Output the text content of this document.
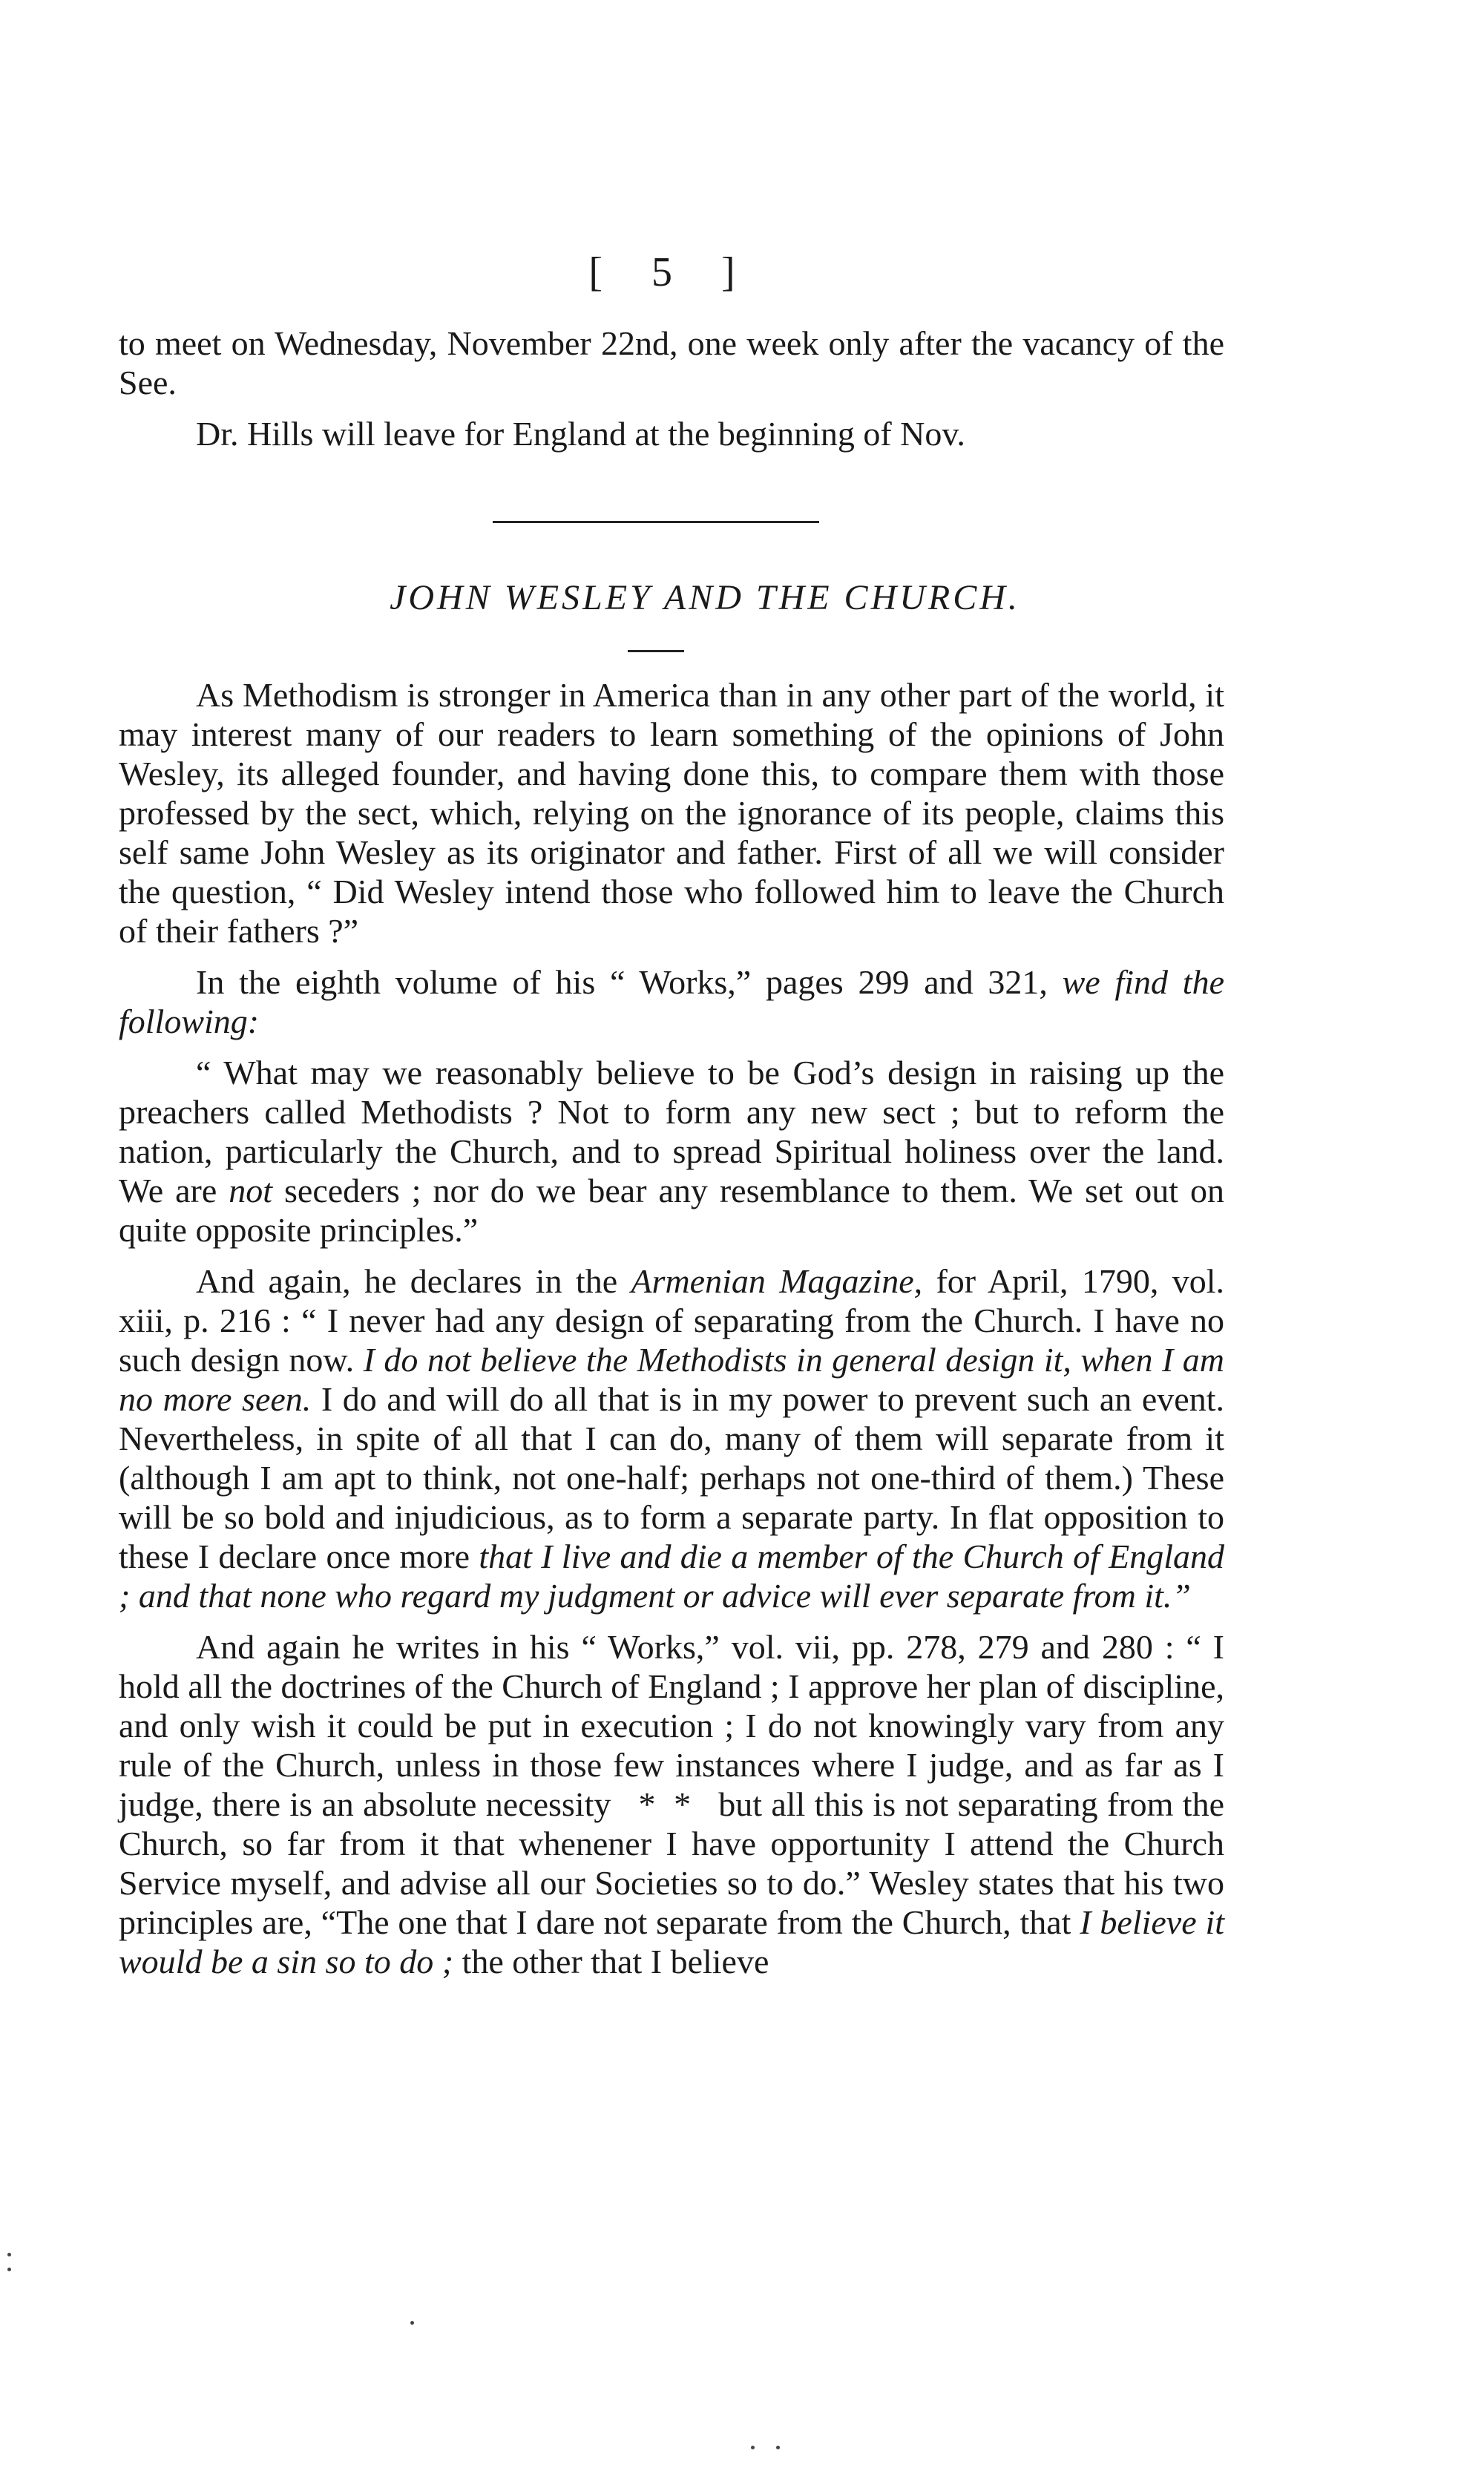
[ 5 ]

to meet on Wednesday, November 22nd, one week only after the vacancy of the See.

Dr. Hills will leave for England at the beginning of Nov.

JOHN WESLEY AND THE CHURCH.

As Methodism is stronger in America than in any other part of the world, it may interest many of our readers to learn something of the opinions of John Wesley, its alleged founder, and having done this, to compare them with those professed by the sect, which, relying on the ignorance of its people, claims this self same John Wesley as its originator and father. First of all we will consider the question, “ Did Wesley intend those who followed him to leave the Church of their fathers ?”

In the eighth volume of his “ Works,” pages 299 and 321, we find the following:

“ What may we reasonably believe to be God’s design in raising up the preachers called Methodists ? Not to form any new sect ; but to reform the nation, particularly the Church, and to spread Spiritual holiness over the land. We are not seceders ; nor do we bear any resemblance to them. We set out on quite opposite principles.”

And again, he declares in the Armenian Magazine, for April, 1790, vol. xiii, p. 216 : “ I never had any design of separating from the Church. I have no such design now. I do not believe the Methodists in general design it, when I am no more seen. I do and will do all that is in my power to prevent such an event. Nevertheless, in spite of all that I can do, many of them will separate from it (although I am apt to think, not one-half; perhaps not one-third of them.) These will be so bold and injudicious, as to form a separate party. In flat opposition to these I declare once more that I live and die a member of the Church of England ; and that none who regard my judgment or advice will ever separate from it.”

And again he writes in his “ Works,” vol. vii, pp. 278, 279 and 280 : “ I hold all the doctrines of the Church of England ; I approve her plan of discipline, and only wish it could be put in execution ; I do not knowingly vary from any rule of the Church, unless in those few instances where I judge, and as far as I judge, there is an absolute necessity   *  *   but all this is not separating from the Church, so far from it that whenener I have opportunity I attend the Church Service myself, and advise all our Societies so to do.” Wesley states that his two principles are, “The one that I dare not separate from the Church, that I believe it would be a sin so to do ; the other that I believe
